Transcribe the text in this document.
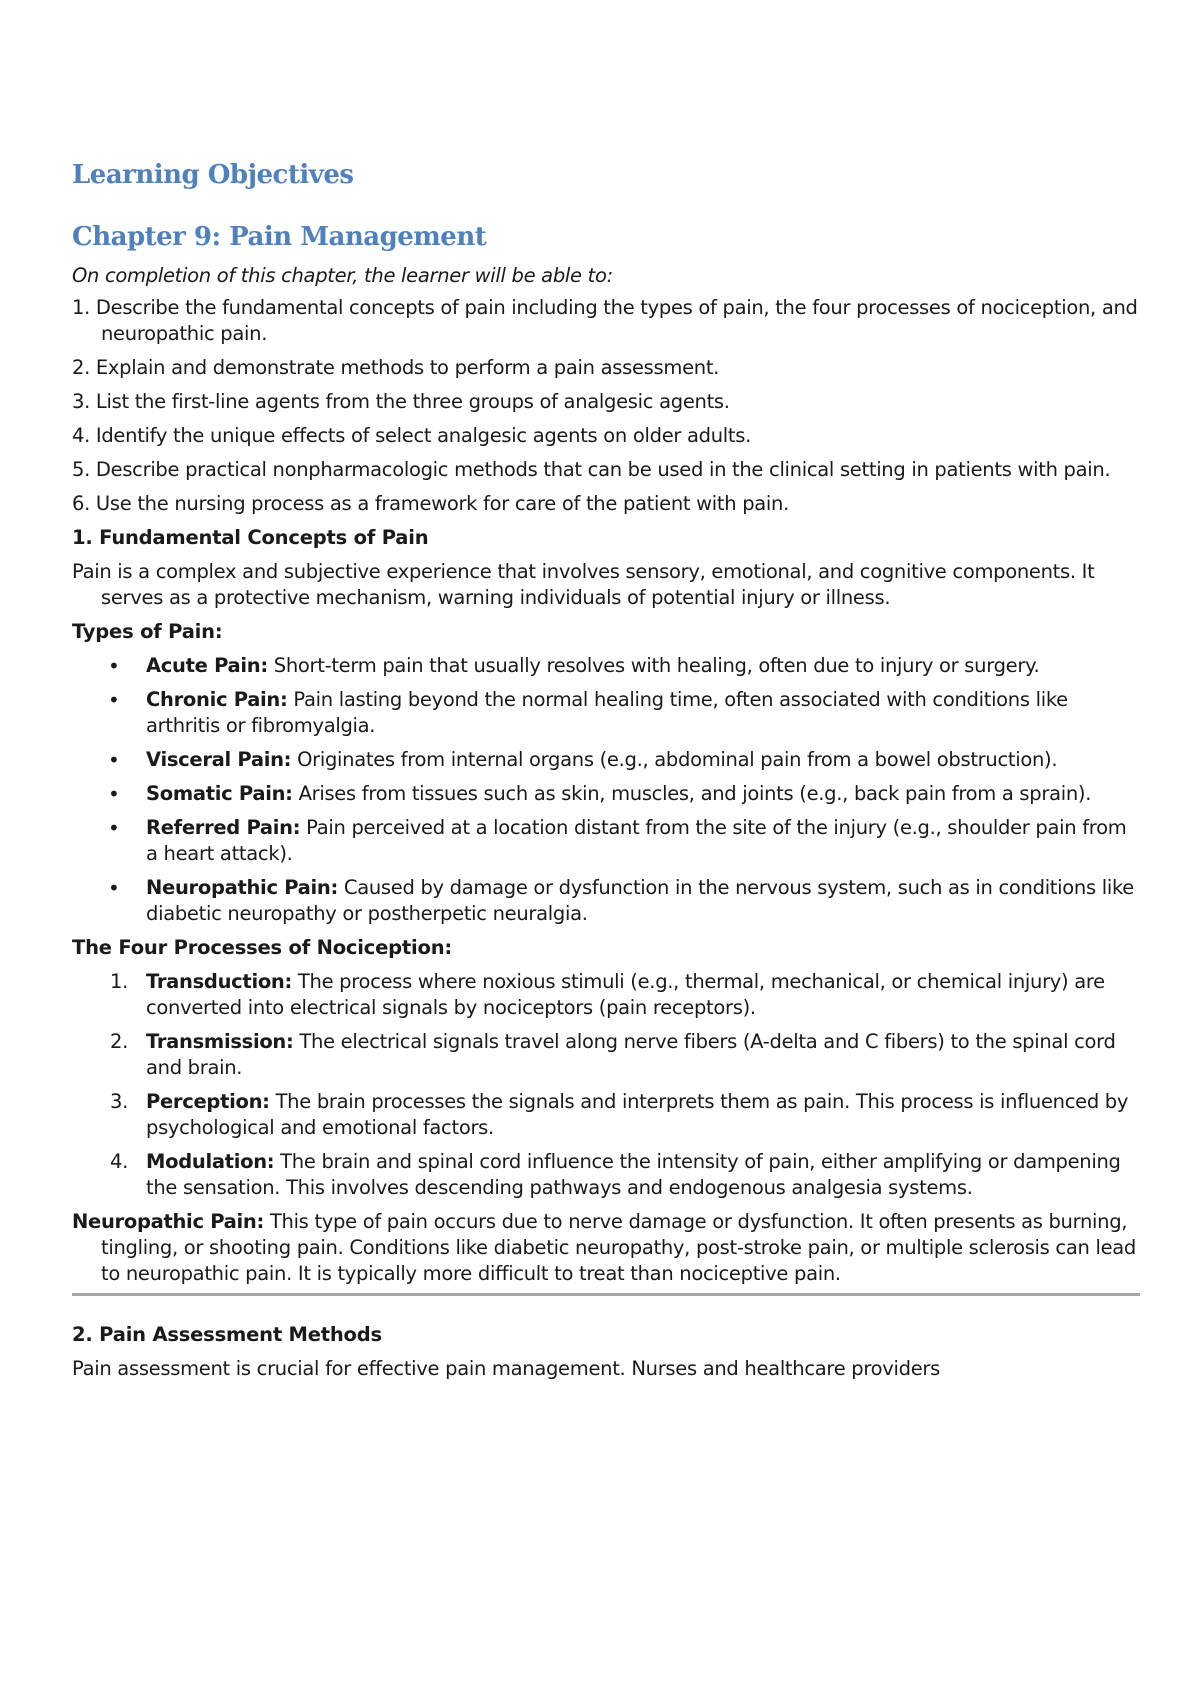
Learning Objectives
Chapter 9: Pain Management

On completion of this chapter, the learner will be able to:

1. Describe the fundamental concepts of pain including the types of pain, the four processes of nociception, and neuropathic pain.
2. Explain and demonstrate methods to perform a pain assessment.
3. List the first-line agents from the three groups of analgesic agents.
4. Identify the unique effects of select analgesic agents on older adults.
5. Describe practical nonpharmacologic methods that can be used in the clinical setting in patients with pain.
6. Use the nursing process as a framework for care of the patient with pain.
1. Fundamental Concepts of Pain

Pain is a complex and subjective experience that involves sensory, emotional, and cognitive components. It serves as a protective mechanism, warning individuals of potential injury or illness.

Types of Pain:
• Acute Pain: Short-term pain that usually resolves with healing, often due to injury or surgery.
• Chronic Pain: Pain lasting beyond the normal healing time, often associated with conditions like arthritis or fibromyalgia.
• Visceral Pain: Originates from internal organs (e.g., abdominal pain from a bowel obstruction).
• Somatic Pain: Arises from tissues such as skin, muscles, and joints (e.g., back pain from a sprain).
• Referred Pain: Pain perceived at a location distant from the site of the injury (e.g., shoulder pain from a heart attack).
• Neuropathic Pain: Caused by damage or dysfunction in the nervous system, such as in conditions like diabetic neuropathy or postherpetic neuralgia.
The Four Processes of Nociception:
1. Transduction: The process where noxious stimuli (e.g., thermal, mechanical, or chemical injury) are converted into electrical signals by nociceptors (pain receptors).
2. Transmission: The electrical signals travel along nerve fibers (A-delta and C fibers) to the spinal cord and brain.
3. Perception: The brain processes the signals and interprets them as pain. This process is influenced by psychological and emotional factors.
4. Modulation: The brain and spinal cord influence the intensity of pain, either amplifying or dampening the sensation. This involves descending pathways and endogenous analgesia systems.

Neuropathic Pain: This type of pain occurs due to nerve damage or dysfunction. It often presents as burning, tingling, or shooting pain. Conditions like diabetic neuropathy, post-stroke pain, or multiple sclerosis can lead to neuropathic pain. It is typically more difficult to treat than nociceptive pain.

2. Pain Assessment Methods

Pain assessment is crucial for effective pain management. Nurses and healthcare providers
